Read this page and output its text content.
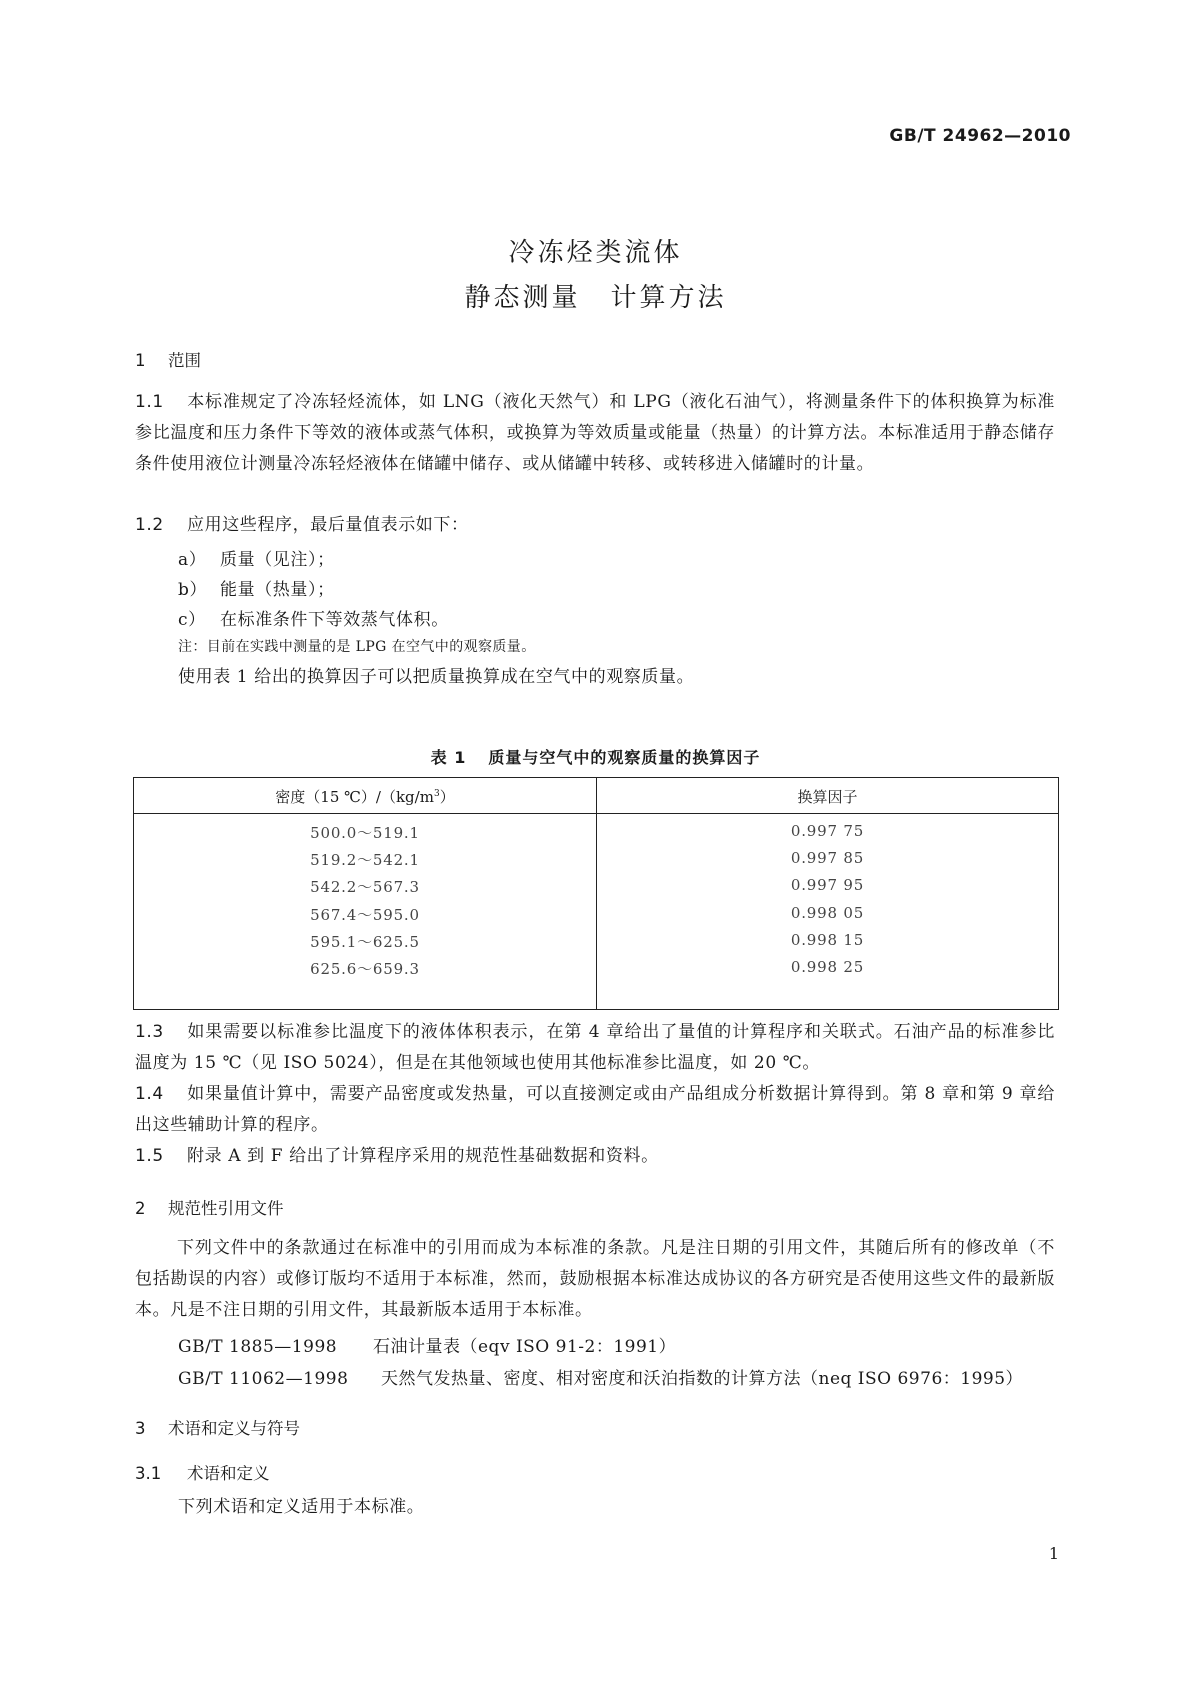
GB/T 24962—2010
冷冻烃类流体
静态测量 计算方法
1 范围
1.1 本标准规定了冷冻轻烃流体，如 LNG（液化天然气）和 LPG（液化石油气），将测量条件下的体积换算为标准参比温度和压力条件下等效的液体或蒸气体积，或换算为等效质量或能量（热量）的计算方法。本标准适用于静态储存条件使用液位计测量冷冻轻烃液体在储罐中储存、或从储罐中转移、或转移进入储罐时的计量。
1.2 应用这些程序，最后量值表示如下：
a） 质量（见注）；
b） 能量（热量）；
c） 在标准条件下等效蒸气体积。
注：目前在实践中测量的是 LPG 在空气中的观察质量。
使用表 1 给出的换算因子可以把质量换算成在空气中的观察质量。
表 1 质量与空气中的观察质量的换算因子
密度（15 $℃)/(kg/m^3)$	换算因子
500.0～519.1	0.997 75
519.2～542.1	0.997 85
542.2～567.3	0.997 95
567.4～595.0	0.998 05
595.1～625.5	0.998 15
625.6～659.3	0.998 25
1.3 如果需要以标准参比温度下的液体体积表示，在第 4 章给出了量值的计算程序和关联式。石油产品的标准参比温度为 15 ℃（见 ISO 5024），但是在其他领域也使用其他标准参比温度，如 20 ℃。
1.4 如果量值计算中，需要产品密度或发热量，可以直接测定或由产品组成分析数据计算得到。第 8 章和第 9 章给出这些辅助计算的程序。
1.5 附录 A 到 F 给出了计算程序采用的规范性基础数据和资料。
2 规范性引用文件
下列文件中的条款通过在标准中的引用而成为本标准的条款。凡是注日期的引用文件，其随后所有的修改单（不包括勘误的内容）或修订版均不适用于本标准，然而，鼓励根据本标准达成协议的各方研究是否使用这些文件的最新版本。凡是不注日期的引用文件，其最新版本适用于本标准。
GB/T 1885—1998 石油计量表（eqv ISO 91-2：1991）
GB/T 11062—1998 天然气发热量、密度、相对密度和沃泊指数的计算方法（neq ISO 6976：1995）
3 术语和定义与符号
3.1 术语和定义
下列术语和定义适用于本标准。
1
